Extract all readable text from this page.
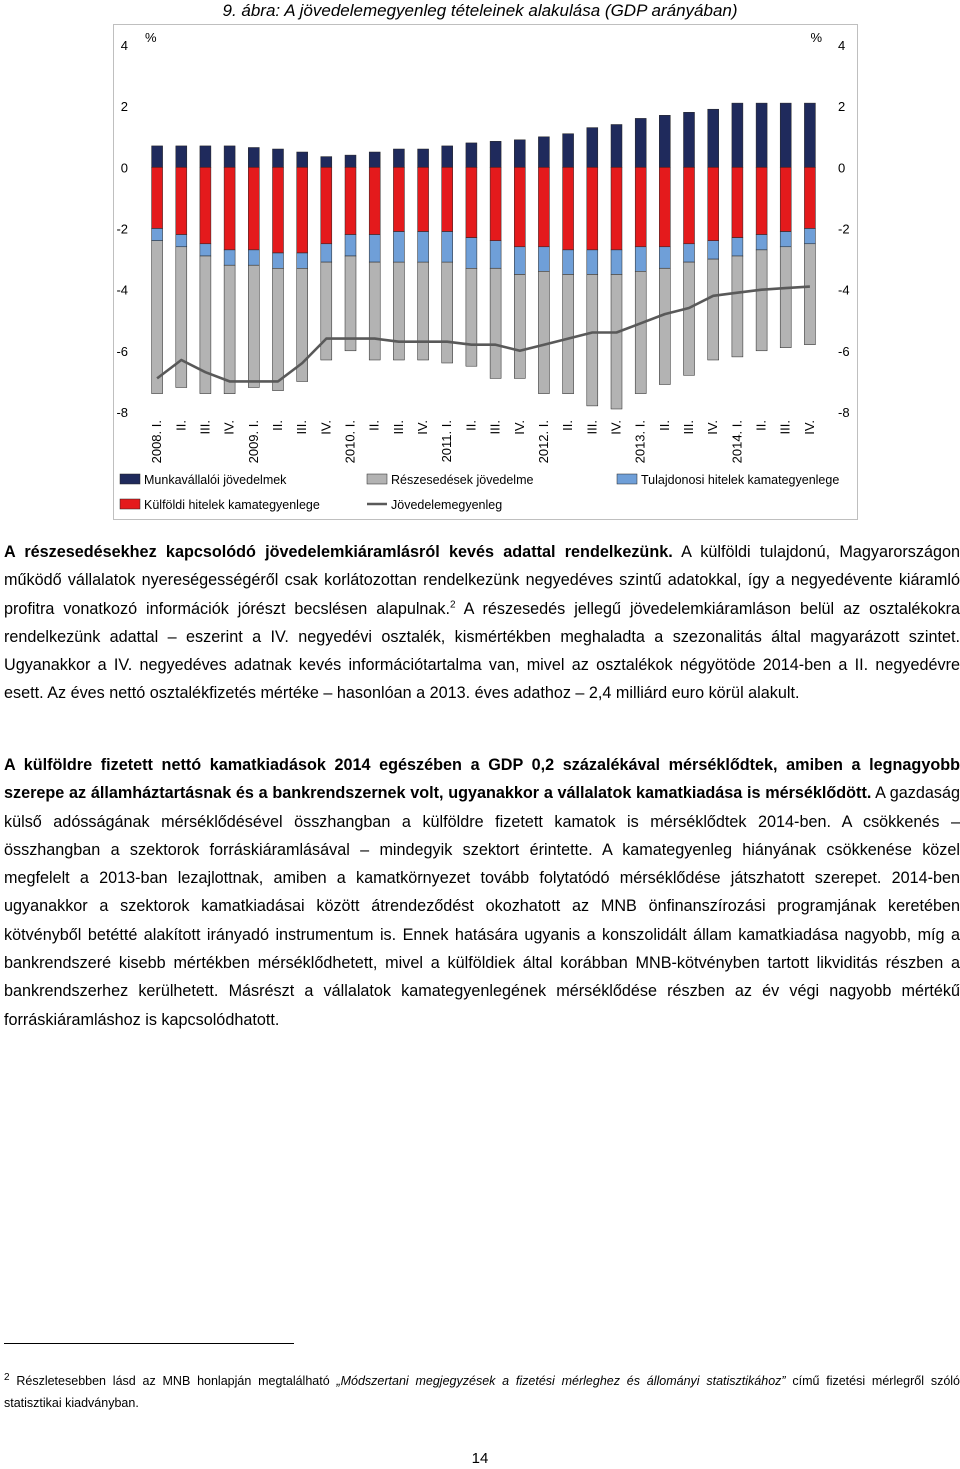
9. ábra: A jövedelemegyenleg tételeinek alakulása (GDP arányában)
4	4
2	2
0	0
-2	-2
-4	-4
-6	-6
-8	-8
%	%
2008. I. II. III. IV. 2009. I. II. III. IV. 2010. I. II. III. IV. 2011. I. II. III. IV. 2012. I. II. III. IV. 2013. I. II. III. IV. 2014. I. II. III. IV.
Munkavállalói jövedelmek	Részesedések jövedelme	Tulajdonosi hitelek kamategyenlege
Külföldi hitelek kamategyenlege	Jövedelemegyenleg
A részesedésekhez kapcsolódó jövedelemkiáramlásról kevés adattal rendelkezünk. A külföldi tulajdonú, Magyarországon működő vállalatok nyereségességéről csak korlátozottan rendelkezünk negyedéves szintű adatokkal, így a negyedévente kiáramló profitra vonatkozó információk jórészt becslésen alapulnak.$^2$ A részesedés jellegű jövedelemkiáramláson belül az osztalékokra rendelkezünk adattal – eszerint a IV. negyedévi osztalék, kismértékben meghaladta a szezonalitás által magyarázott szintet. Ugyanakkor a IV. negyedéves adatnak kevés információtartalma van, mivel az osztalékok négyötöde 2014-ben a II. negyedévre esett. Az éves nettó osztalékfizetés mértéke – hasonlóan a 2013. éves adathoz – 2,4 milliárd euro körül alakult.
A külföldre fizetett nettó kamatkiadások 2014 egészében a GDP 0,2 százalékával mérséklődtek, amiben a legnagyobb szerepe az államháztartásnak és a bankrendszernek volt, ugyanakkor a vállalatok kamatkiadása is mérséklődött. A gazdaság külső adósságának mérséklődésével összhangban a külföldre fizetett kamatok is mérséklődtek 2014-ben. A csökkenés – összhangban a szektorok forráskiáramlásával – mindegyik szektort érintette. A kamategyenleg hiányának csökkenése közel megfelelt a 2013-ban lezajlottnak, amiben a kamatkörnyezet tovább folytatódó mérséklődése játszhatott szerepet. 2014-ben ugyanakkor a szektorok kamatkiadásai között átrendeződést okozhatott az MNB önfinanszírozási programjának keretében kötvényből betétté alakított irányadó instrumentum is. Ennek hatására ugyanis a konszolidált állam kamatkiadása nagyobb, míg a bankrendszeré kisebb mértékben mérséklődhetett, mivel a külföldiek által korábban MNB-kötvényben tartott likviditás részben a bankrendszerhez kerülhetett. Másrészt a vállalatok kamategyenlegének mérséklődése részben az év végi nagyobb mértékű forráskiáramláshoz is kapcsolódhatott.
$^2$ Részletesebben lásd az MNB honlapján megtalálható „Módszertani megjegyzések a fizetési mérleghez és állományi statisztikához” című fizetési mérlegről szóló statisztikai kiadványban.
14
